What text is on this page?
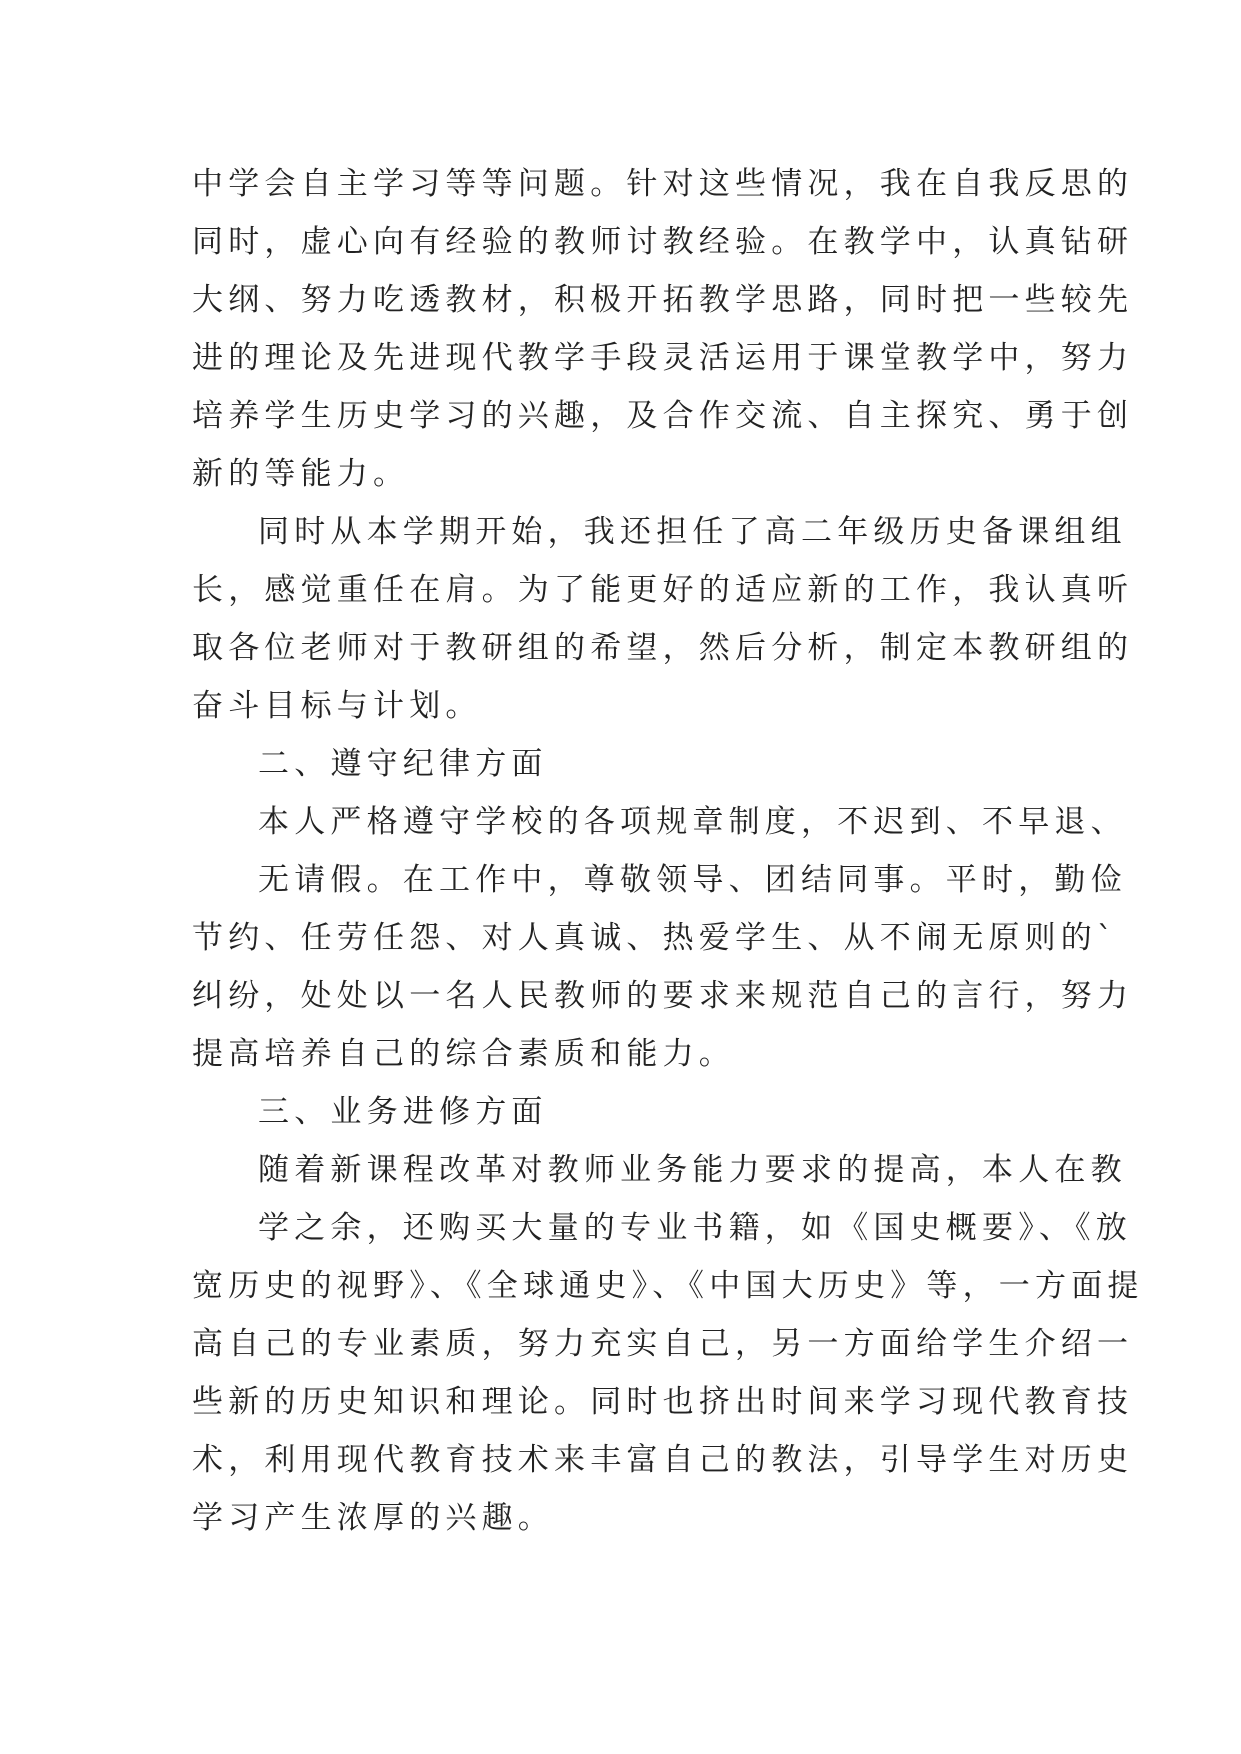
中学会自主学习等等问题。针对这些情况，我在自我反思的
同时，虚心向有经验的教师讨教经验。在教学中，认真钻研
大纲、努力吃透教材，积极开拓教学思路，同时把一些较先
进的理论及先进现代教学手段灵活运用于课堂教学中，努力
培养学生历史学习的兴趣，及合作交流、自主探究、勇于创
新的等能力。
同时从本学期开始，我还担任了高二年级历史备课组组
长，感觉重任在肩。为了能更好的适应新的工作，我认真听
取各位老师对于教研组的希望，然后分析，制定本教研组的
奋斗目标与计划。
二、遵守纪律方面
本人严格遵守学校的各项规章制度，不迟到、不早退、
无请假。在工作中，尊敬领导、团结同事。平时，勤俭
节约、任劳任怨、对人真诚、热爱学生、从不闹无原则的`
纠纷，处处以一名人民教师的要求来规范自己的言行，努力
提高培养自己的综合素质和能力。
三、业务进修方面
随着新课程改革对教师业务能力要求的提高，本人在教
学之余，还购买大量的专业书籍，如《国史概要》、《放
宽历史的视野》、《全球通史》、《中国大历史》等，一方面提
高自己的专业素质，努力充实自己，另一方面给学生介绍一
些新的历史知识和理论。同时也挤出时间来学习现代教育技
术，利用现代教育技术来丰富自己的教法，引导学生对历史
学习产生浓厚的兴趣。
